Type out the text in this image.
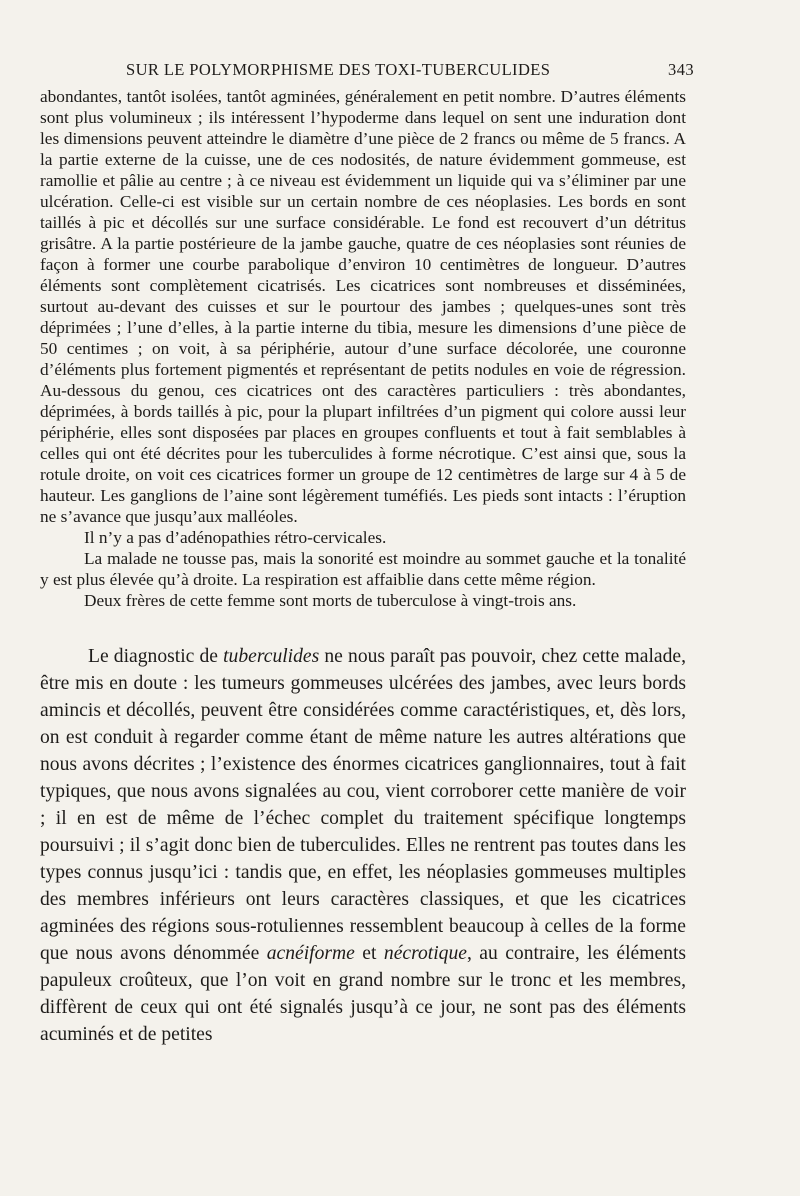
SUR LE POLYMORPHISME DES TOXI-TUBERCULIDES	343

abondantes, tantôt isolées, tantôt agminées, généralement en petit nombre. D’autres éléments sont plus volumineux ; ils intéressent l’hypoderme dans lequel on sent une induration dont les dimensions peuvent atteindre le diamètre d’une pièce de 2 francs ou même de 5 francs. A la partie externe de la cuisse, une de ces nodosités, de nature évidemment gommeuse, est ramollie et pâlie au centre ; à ce niveau est évidemment un liquide qui va s’éliminer par une ulcération. Celle-ci est visible sur un certain nombre de ces néoplasies. Les bords en sont taillés à pic et décollés sur une surface considérable. Le fond est recouvert d’un détritus grisâtre. A la partie postérieure de la jambe gauche, quatre de ces néoplasies sont réunies de façon à former une courbe parabolique d’environ 10 centimètres de longueur. D’autres éléments sont complètement cicatrisés. Les cicatrices sont nombreuses et disséminées, surtout au-devant des cuisses et sur le pourtour des jambes ; quelques-unes sont très déprimées ; l’une d’elles, à la partie interne du tibia, mesure les dimensions d’une pièce de 50 centimes ; on voit, à sa périphérie, autour d’une surface décolorée, une couronne d’éléments plus fortement pigmentés et représentant de petits nodules en voie de régression. Au-dessous du genou, ces cicatrices ont des caractères particuliers : très abondantes, déprimées, à bords taillés à pic, pour la plupart infiltrées d’un pigment qui colore aussi leur périphérie, elles sont disposées par places en groupes confluents et tout à fait semblables à celles qui ont été décrites pour les tuberculides à forme nécrotique. C’est ainsi que, sous la rotule droite, on voit ces cicatrices former un groupe de 12 centimètres de large sur 4 à 5 de hauteur. Les ganglions de l’aine sont légèrement tuméfiés. Les pieds sont intacts : l’éruption ne s’avance que jusqu’aux malléoles.

Il n’y a pas d’adénopathies rétro-cervicales.

La malade ne tousse pas, mais la sonorité est moindre au sommet gauche et la tonalité y est plus élevée qu’à droite. La respiration est affaiblie dans cette même région.

Deux frères de cette femme sont morts de tuberculose à vingt-trois ans.

Le diagnostic de tuberculides ne nous paraît pas pouvoir, chez cette malade, être mis en doute : les tumeurs gommeuses ulcérées des jambes, avec leurs bords amincis et décollés, peuvent être considérées comme caractéristiques, et, dès lors, on est conduit à regarder comme étant de même nature les autres altérations que nous avons décrites ; l’existence des énormes cicatrices ganglionnaires, tout à fait typiques, que nous avons signalées au cou, vient corroborer cette manière de voir ; il en est de même de l’échec complet du traitement spécifique longtemps poursuivi ; il s’agit donc bien de tuberculides. Elles ne rentrent pas toutes dans les types connus jusqu’ici : tandis que, en effet, les néoplasies gommeuses multiples des membres inférieurs ont leurs caractères classiques, et que les cicatrices agminées des régions sous-rotuliennes ressemblent beaucoup à celles de la forme que nous avons dénommée acnéiforme et nécrotique, au contraire, les éléments papuleux croûteux, que l’on voit en grand nombre sur le tronc et les membres, diffèrent de ceux qui ont été signalés jusqu’à ce jour, ne sont pas des éléments acuminés et de petites
